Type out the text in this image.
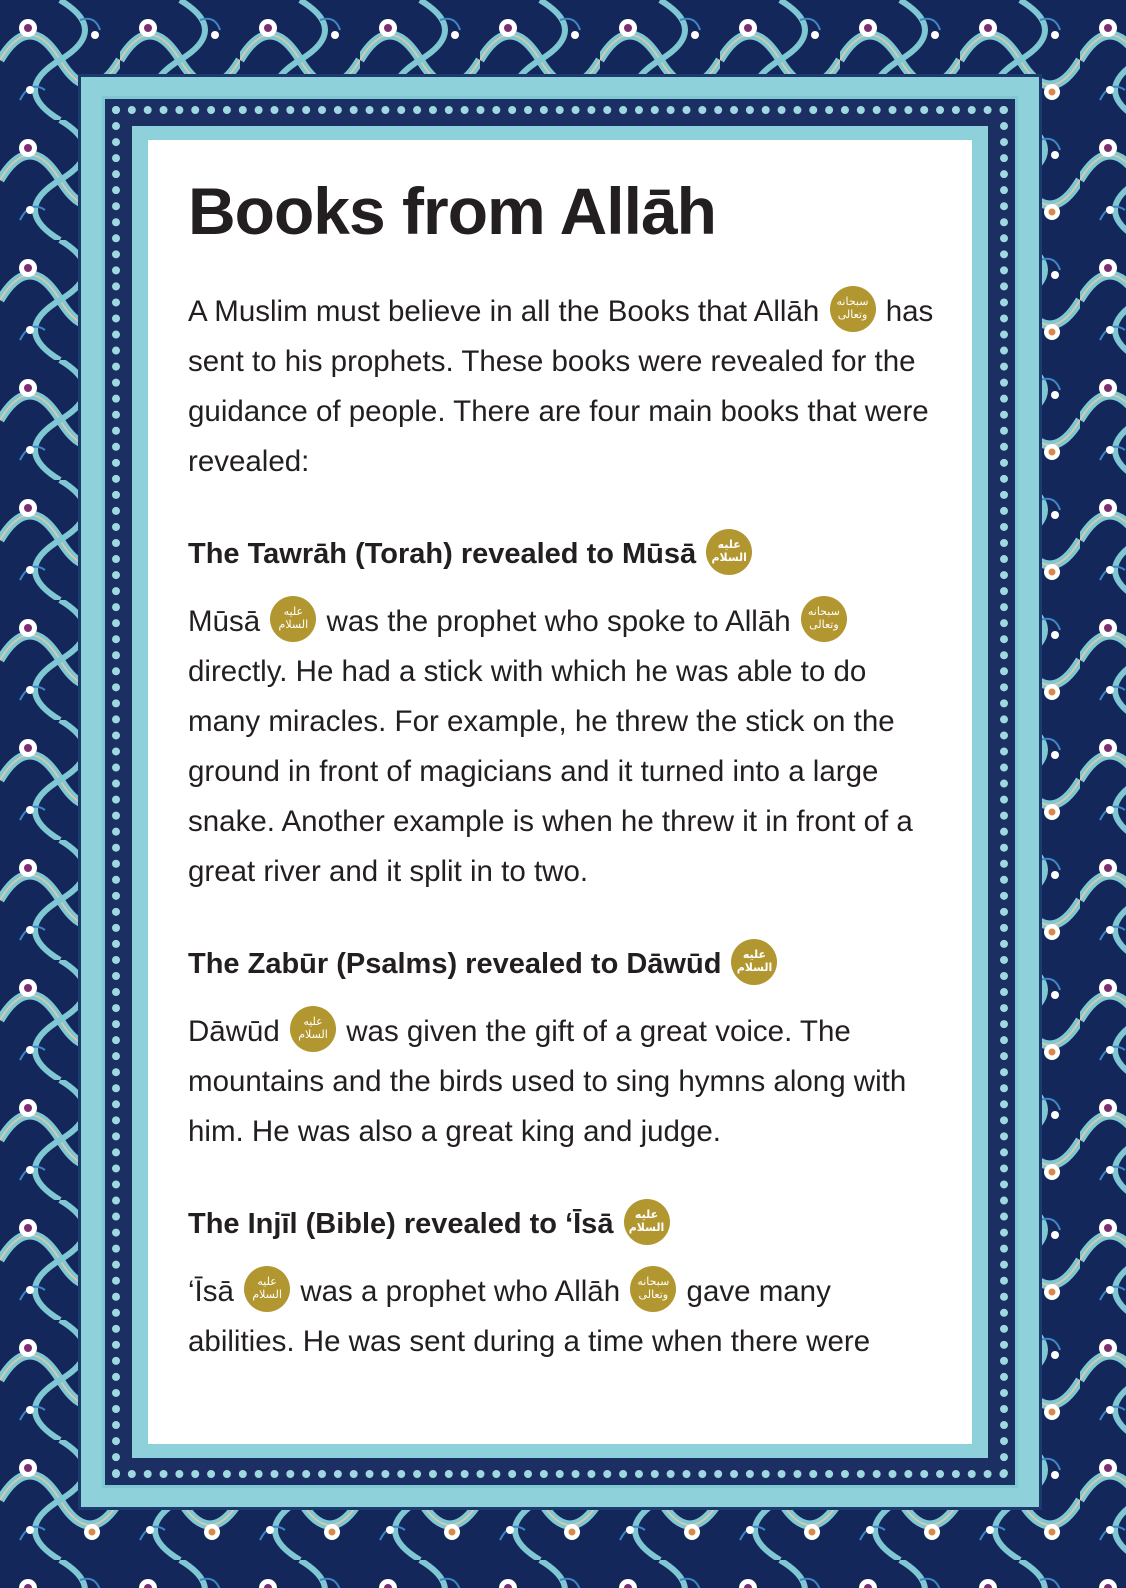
Books from Allāh

A Muslim must believe in all the Books that Allāh سبحانه وتعالى has sent to his prophets. These books were revealed for the guidance of people. There are four main books that were revealed:

The Tawrāh (Torah) revealed to Mūsā عليه السلام

Mūsā عليه السلام was the prophet who spoke to Allāh سبحانه وتعالى directly. He had a stick with which he was able to do many miracles. For example, he threw the stick on the ground in front of magicians and it turned into a large snake. Another example is when he threw it in front of a great river and it split in to two.

The Zabūr (Psalms) revealed to Dāwūd عليه السلام

Dāwūd عليه السلام was given the gift of a great voice. The mountains and the birds used to sing hymns along with him. He was also a great king and judge.

The Injīl (Bible) revealed to ‘Īsā عليه السلام

‘Īsā عليه السلام was a prophet who Allāh سبحانه وتعالى gave many abilities. He was sent during a time when there were
